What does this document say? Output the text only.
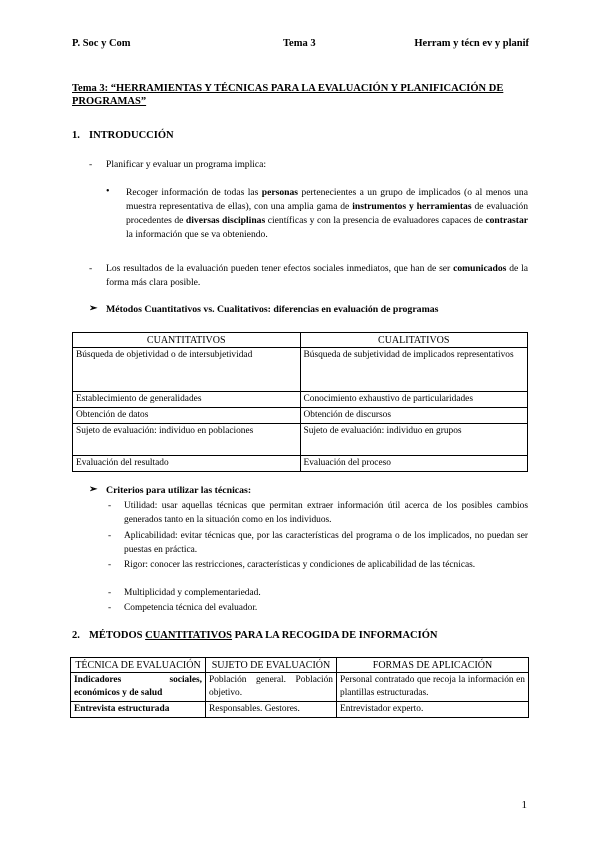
P. Soc y Com	Tema 3	Herram y técn ev y planif
Tema 3: “HERRAMIENTAS Y TÉCNICAS PARA LA EVALUACIÓN Y PLANIFICACIÓN DE PROGRAMAS”
1. INTRODUCCIÓN
- Planificar y evaluar un programa implica:
• Recoger información de todas las personas pertenecientes a un grupo de implicados (o al menos una muestra representativa de ellas), con una amplia gama de instrumentos y herramientas de evaluación procedentes de diversas disciplinas científicas y con la presencia de evaluadores capaces de contrastar la información que se va obteniendo.
- Los resultados de la evaluación pueden tener efectos sociales inmediatos, que han de ser comunicados de la forma más clara posible.
➢ Métodos Cuantitativos vs. Cualitativos: diferencias en evaluación de programas
CUANTITATIVOS	CUALITATIVOS
Búsqueda de objetividad o de intersubjetividad	Búsqueda de subjetividad de implicados representativos
Establecimiento de generalidades	Conocimiento exhaustivo de particularidades
Obtención de datos	Obtención de discursos
Sujeto de evaluación: individuo en poblaciones	Sujeto de evaluación: individuo en grupos
Evaluación del resultado	Evaluación del proceso
➢ Criterios para utilizar las técnicas:
- Utilidad: usar aquellas técnicas que permitan extraer información útil acerca de los posibles cambios generados tanto en la situación como en los individuos.
- Aplicabilidad: evitar técnicas que, por las características del programa o de los implicados, no puedan ser puestas en práctica.
- Rigor: conocer las restricciones, características y condiciones de aplicabilidad de las técnicas.
- Multiplicidad y complementariedad.
- Competencia técnica del evaluador.
2. MÉTODOS CUANTITATIVOS PARA LA RECOGIDA DE INFORMACIÓN
TÉCNICA DE EVALUACIÓN	SUJETO DE EVALUACIÓN	FORMAS DE APLICACIÓN
Indicadores sociales, económicos y de salud	Población general. Población objetivo.	Personal contratado que recoja la información en plantillas estructuradas.
Entrevista estructurada	Responsables. Gestores.	Entrevistador experto.
1
